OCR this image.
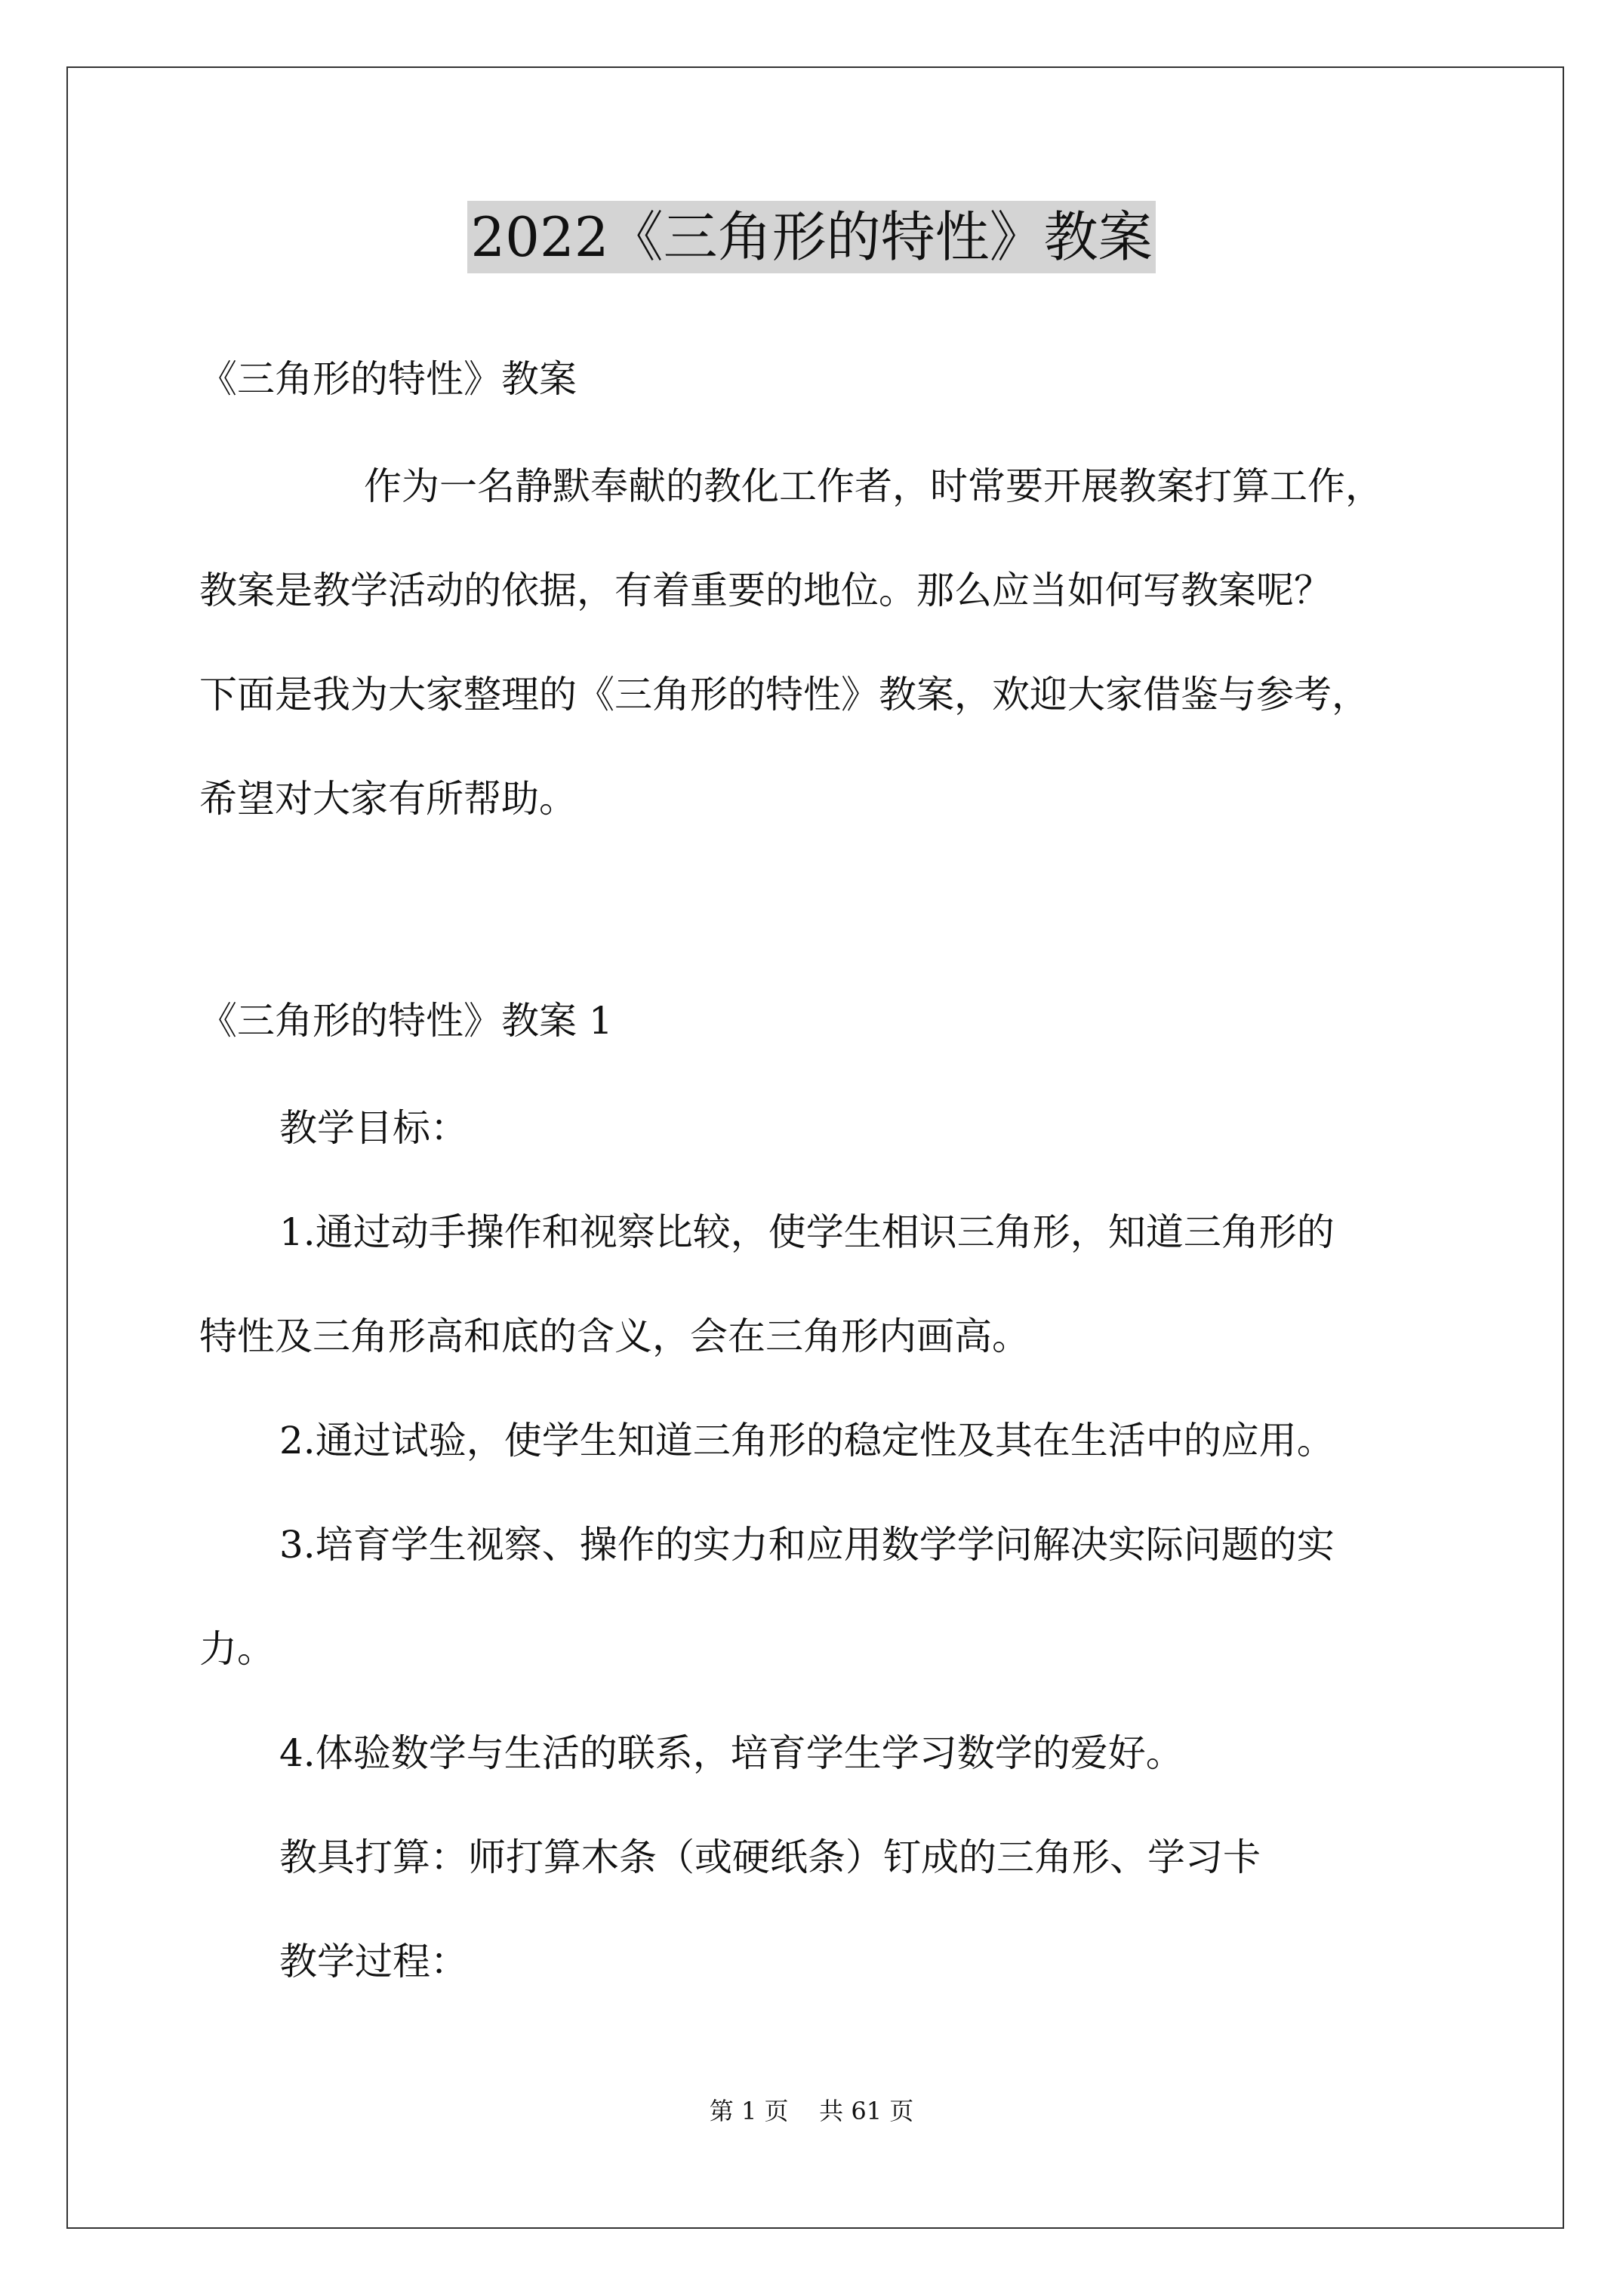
2022《三角形的特性》教案
《三角形的特性》教案
作为一名静默奉献的教化工作者，时常要开展教案打算工作，
教案是教学活动的依据，有着重要的地位。那么应当如何写教案呢？
下面是我为大家整理的《三角形的特性》教案，欢迎大家借鉴与参考，
希望对大家有所帮助。
《三角形的特性》教案 1
教学目标：
1.通过动手操作和视察比较，使学生相识三角形，知道三角形的
特性及三角形高和底的含义，会在三角形内画高。
2.通过试验，使学生知道三角形的稳定性及其在生活中的应用。
3.培育学生视察、操作的实力和应用数学学问解决实际问题的实
力。
4.体验数学与生活的联系，培育学生学习数学的爱好。
教具打算：师打算木条（或硬纸条）钉成的三角形、学习卡
教学过程：
第 1 页    共 61 页
